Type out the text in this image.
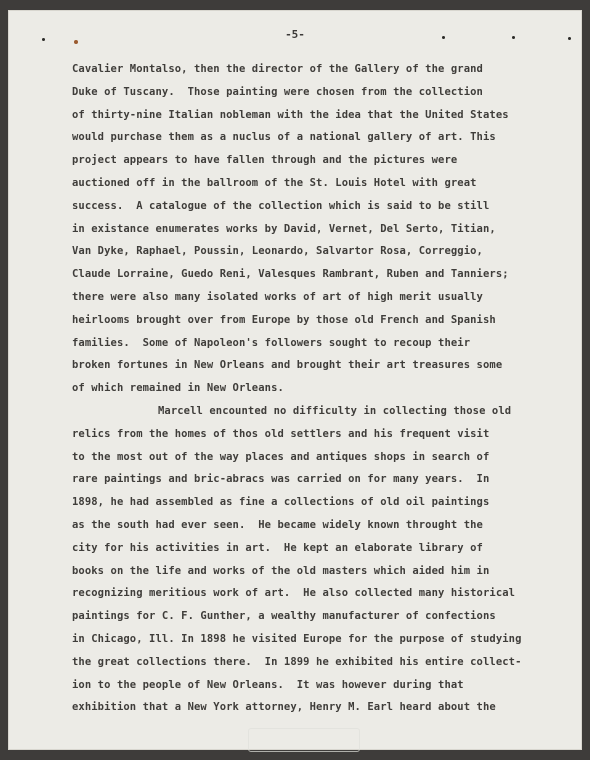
-5-
Cavalier Montalso, then the director of the Gallery of the grand
Duke of Tuscany.  Those painting were chosen from the collection
of thirty-nine Italian nobleman with the idea that the United States
would purchase them as a nuclus of a national gallery of art. This
project appears to have fallen through and the pictures were
auctioned off in the ballroom of the St. Louis Hotel with great
success.  A catalogue of the collection which is said to be still
in existance enumerates works by David, Vernet, Del Serto, Titian,
Van Dyke, Raphael, Poussin, Leonardo, Salvartor Rosa, Correggio,
Claude Lorraine, Guedo Reni, Valesques Rambrant, Ruben and Tanniers;
there were also many isolated works of art of high merit usually
heirlooms brought over from Europe by those old French and Spanish
families.  Some of Napoleon's followers sought to recoup their
broken fortunes in New Orleans and brought their art treasures some
of which remained in New Orleans.
Marcell encounted no difficulty in collecting those old
relics from the homes of thos old settlers and his frequent visit
to the most out of the way places and antiques shops in search of
rare paintings and bric-abracs was carried on for many years.  In
1898, he had assembled as fine a collections of old oil paintings
as the south had ever seen.  He became widely known throught the
city for his activities in art.  He kept an elaborate library of
books on the life and works of the old masters which aided him in
recognizing meritious work of art.  He also collected many historical
paintings for C. F. Gunther, a wealthy manufacturer of confections
in Chicago, Ill. In 1898 he visited Europe for the purpose of studying
the great collections there.  In 1899 he exhibited his entire collect-
ion to the people of New Orleans.  It was however during that
exhibition that a New York attorney, Henry M. Earl heard about the
